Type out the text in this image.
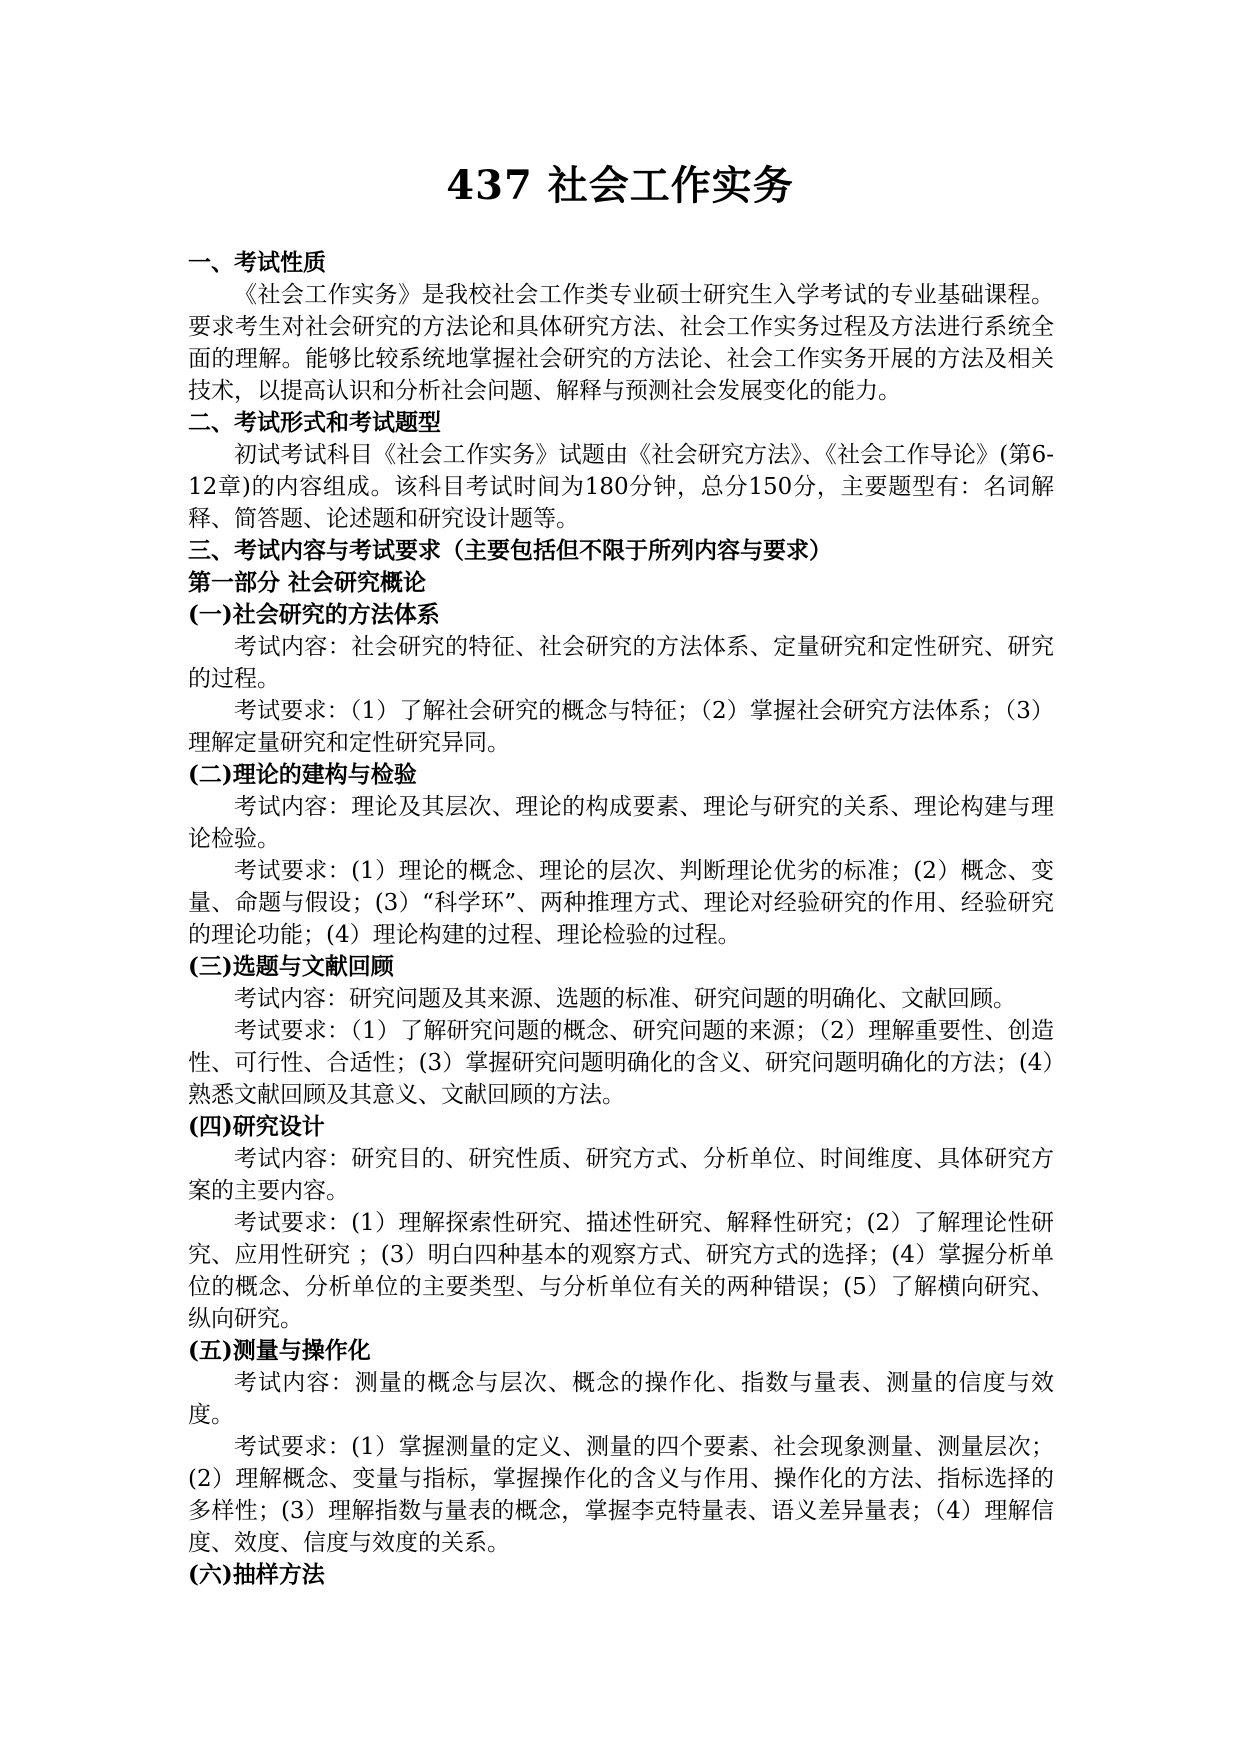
437 社会工作实务

一、考试性质

《社会工作实务》是我校社会工作类专业硕士研究生入学考试的专业基础课程。要求考生对社会研究的方法论和具体研究方法、社会工作实务过程及方法进行系统全面的理解。能够比较系统地掌握社会研究的方法论、社会工作实务开展的方法及相关技术，以提高认识和分析社会问题、解释与预测社会发展变化的能力。

二、考试形式和考试题型

初试考试科目《社会工作实务》试题由《社会研究方法》、《社会工作导论》(第6-12章)的内容组成。该科目考试时间为180分钟，总分150分，主要题型有：名词解释、简答题、论述题和研究设计题等。

三、考试内容与考试要求（主要包括但不限于所列内容与要求）

第一部分 社会研究概论

(一)社会研究的方法体系

考试内容：社会研究的特征、社会研究的方法体系、定量研究和定性研究、研究的过程。

考试要求：（1）了解社会研究的概念与特征；（2）掌握社会研究方法体系；（3）理解定量研究和定性研究异同。

(二)理论的建构与检验

考试内容：理论及其层次、理论的构成要素、理论与研究的关系、理论构建与理论检验。

考试要求：(1）理论的概念、理论的层次、判断理论优劣的标准；(2）概念、变量、命题与假设；(3）“科学环”、两种推理方式、理论对经验研究的作用、经验研究的理论功能；(4）理论构建的过程、理论检验的过程。

(三)选题与文献回顾

考试内容：研究问题及其来源、选题的标准、研究问题的明确化、文献回顾。

考试要求：（1）了解研究问题的概念、研究问题的来源；（2）理解重要性、创造性、可行性、合适性；(3）掌握研究问题明确化的含义、研究问题明确化的方法；(4）熟悉文献回顾及其意义、文献回顾的方法。

(四)研究设计

考试内容：研究目的、研究性质、研究方式、分析单位、时间维度、具体研究方案的主要内容。

考试要求：(1）理解探索性研究、描述性研究、解释性研究；(2）了解理论性研究、应用性研究 ；(3）明白四种基本的观察方式、研究方式的选择；(4）掌握分析单位的概念、分析单位的主要类型、与分析单位有关的两种错误；(5）了解横向研究、纵向研究。

(五)测量与操作化

考试内容：测量的概念与层次、概念的操作化、指数与量表、测量的信度与效度。

考试要求：(1）掌握测量的定义、测量的四个要素、社会现象测量、测量层次；(2）理解概念、变量与指标，掌握操作化的含义与作用、操作化的方法、指标选择的多样性；(3）理解指数与量表的概念，掌握李克特量表、语义差异量表；（4）理解信度、效度、信度与效度的关系。

(六)抽样方法
